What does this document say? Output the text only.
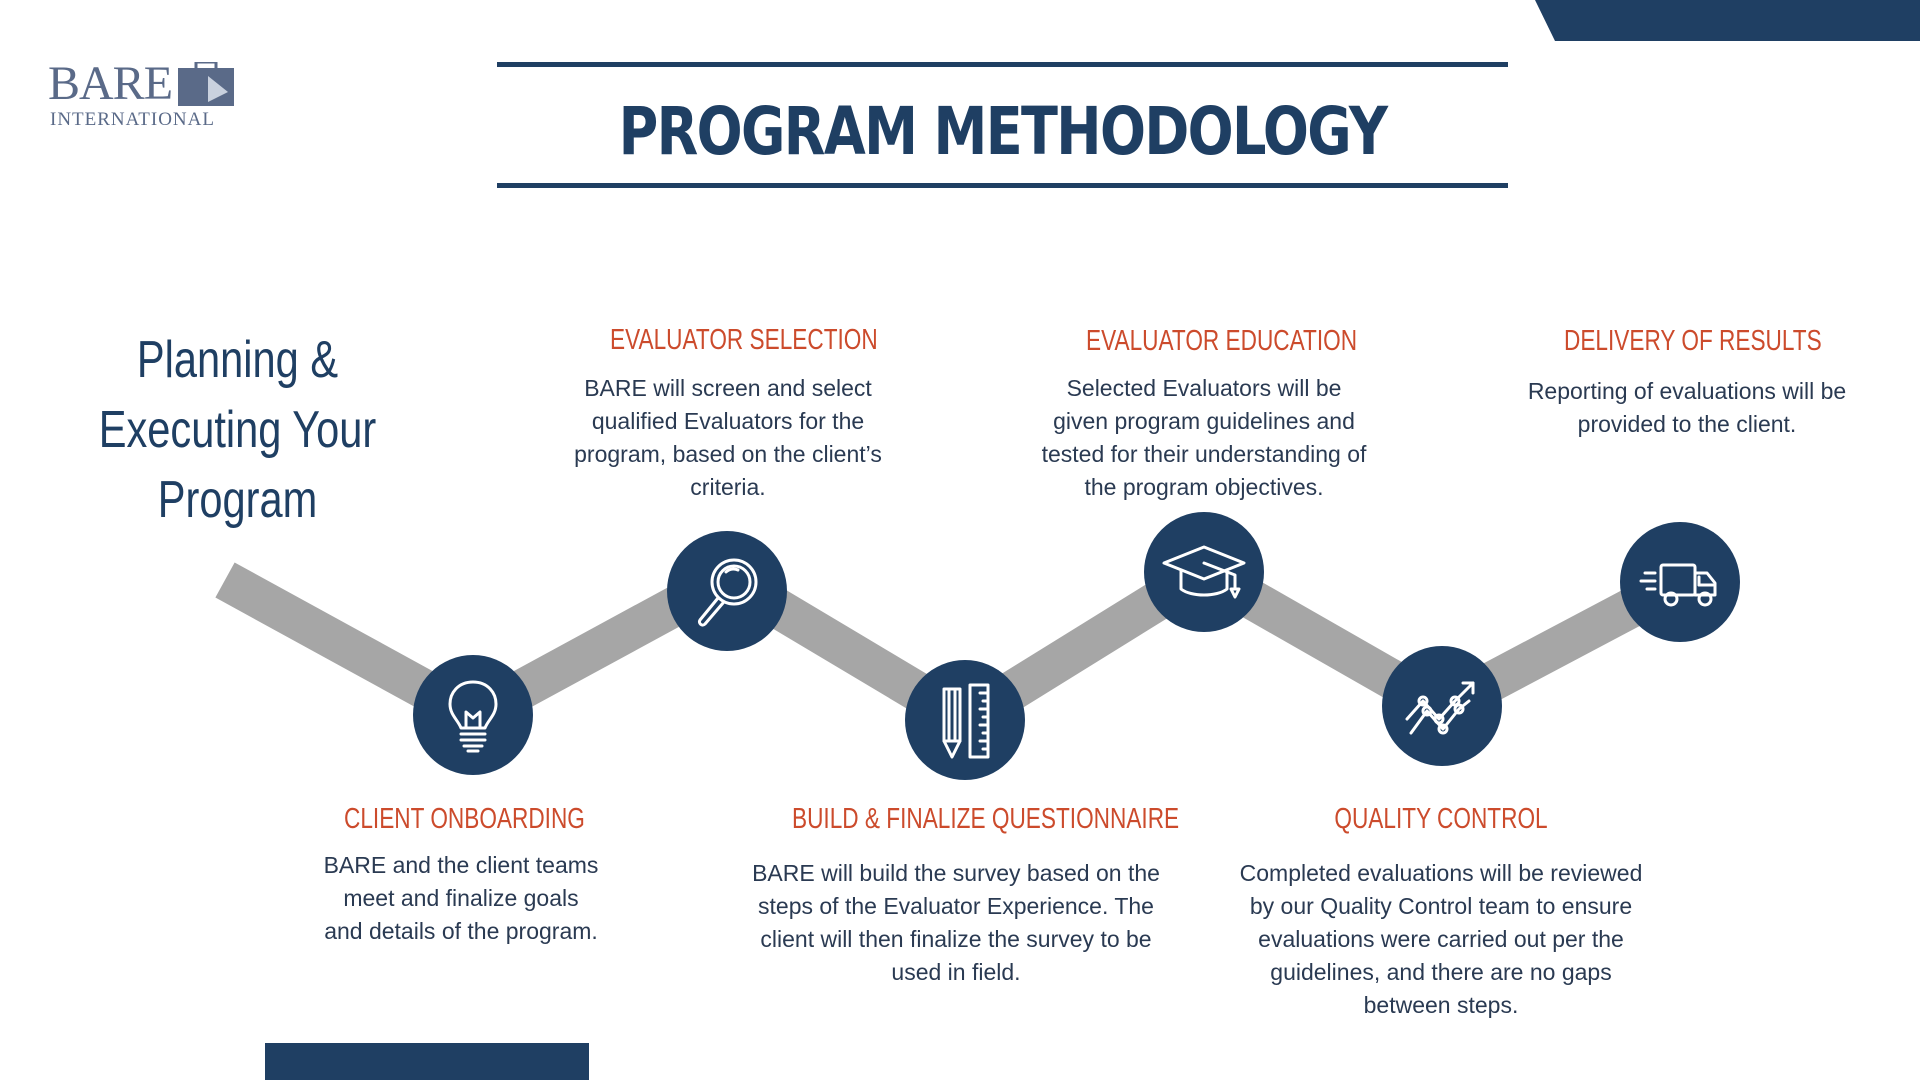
BARE
INTERNATIONAL	PROGRAM METHODOLOGY
Planning & Executing Your Program
CLIENT ONBOARDING
BARE and the client teams meet and finalize goals and details of the program.
EVALUATOR SELECTION
BARE will screen and select qualified Evaluators for the program, based on the client’s criteria.
BUILD & FINALIZE QUESTIONNAIRE
BARE will build the survey based on the steps of the Evaluator Experience. The client will then finalize the survey to be used in field.
EVALUATOR EDUCATION
Selected Evaluators will be given program guidelines and tested for their understanding of the program objectives.
QUALITY CONTROL
Completed evaluations will be reviewed by our Quality Control team to ensure evaluations were carried out per the guidelines, and there are no gaps between steps.
DELIVERY OF RESULTS
Reporting of evaluations will be provided to the client.
